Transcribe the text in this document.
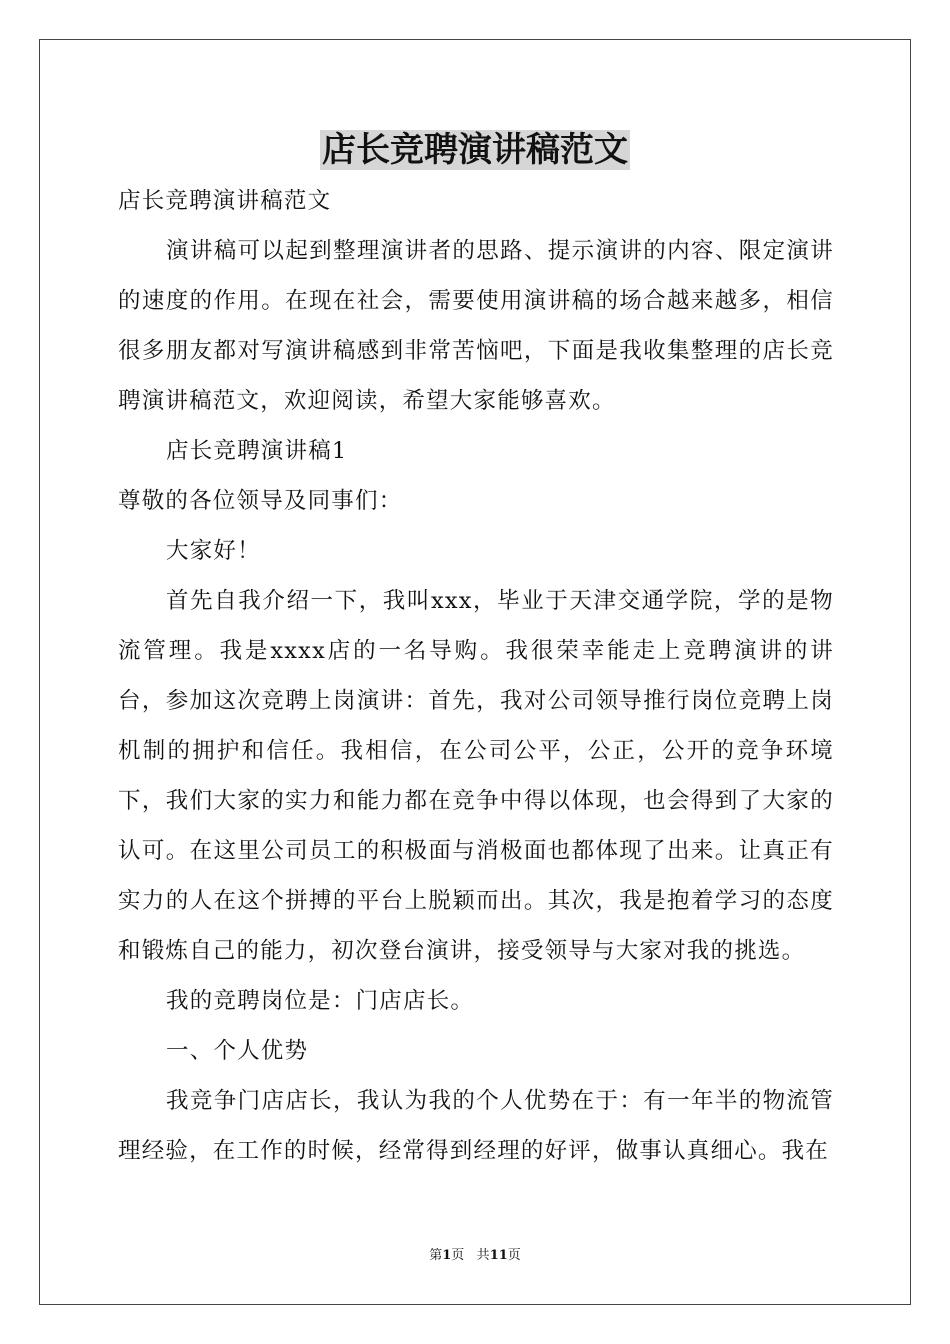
店长竞聘演讲稿范文

店长竞聘演讲稿范文

演讲稿可以起到整理演讲者的思路、提示演讲的内容、限定演讲的速度的作用。在现在社会，需要使用演讲稿的场合越来越多，相信很多朋友都对写演讲稿感到非常苦恼吧，下面是我收集整理的店长竞聘演讲稿范文，欢迎阅读，希望大家能够喜欢。

店长竞聘演讲稿1

尊敬的各位领导及同事们：

大家好！

首先自我介绍一下，我叫xxx，毕业于天津交通学院，学的是物流管理。我是xxxx店的一名导购。我很荣幸能走上竞聘演讲的讲台，参加这次竞聘上岗演讲：首先，我对公司领导推行岗位竞聘上岗机制的拥护和信任。我相信，在公司公平，公正，公开的竞争环境下，我们大家的实力和能力都在竞争中得以体现，也会得到了大家的认可。在这里公司员工的积极面与消极面也都体现了出来。让真正有实力的人在这个拼搏的平台上脱颖而出。其次，我是抱着学习的态度和锻炼自己的能力，初次登台演讲，接受领导与大家对我的挑选。

我的竞聘岗位是：门店店长。

一、个人优势

我竞争门店店长，我认为我的个人优势在于：有一年半的物流管理经验，在工作的时候，经常得到经理的好评，做事认真细心。我在

第1页 共11页
